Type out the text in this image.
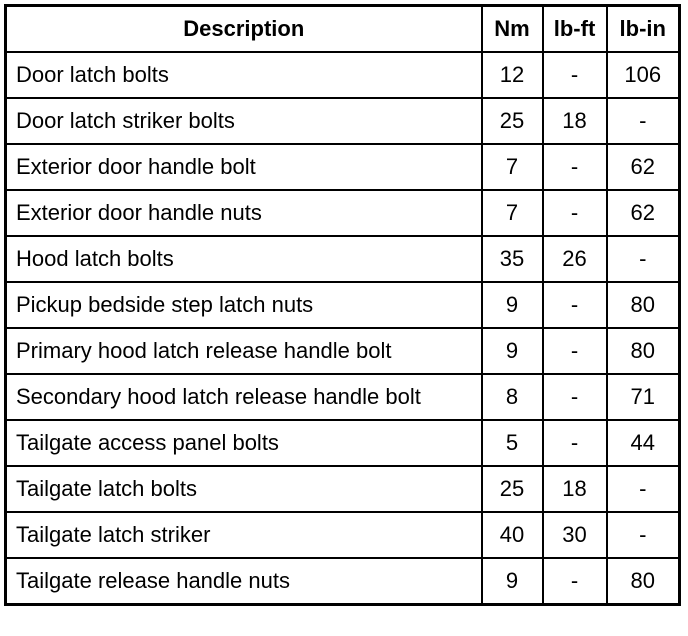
Description	Nm	lb-ft	lb-in
Door latch bolts	12	-	106
Door latch striker bolts	25	18	-
Exterior door handle bolt	7	-	62
Exterior door handle nuts	7	-	62
Hood latch bolts	35	26	-
Pickup bedside step latch nuts	9	-	80
Primary hood latch release handle bolt	9	-	80
Secondary hood latch release handle bolt	8	-	71
Tailgate access panel bolts	5	-	44
Tailgate latch bolts	25	18	-
Tailgate latch striker	40	30	-
Tailgate release handle nuts	9	-	80
